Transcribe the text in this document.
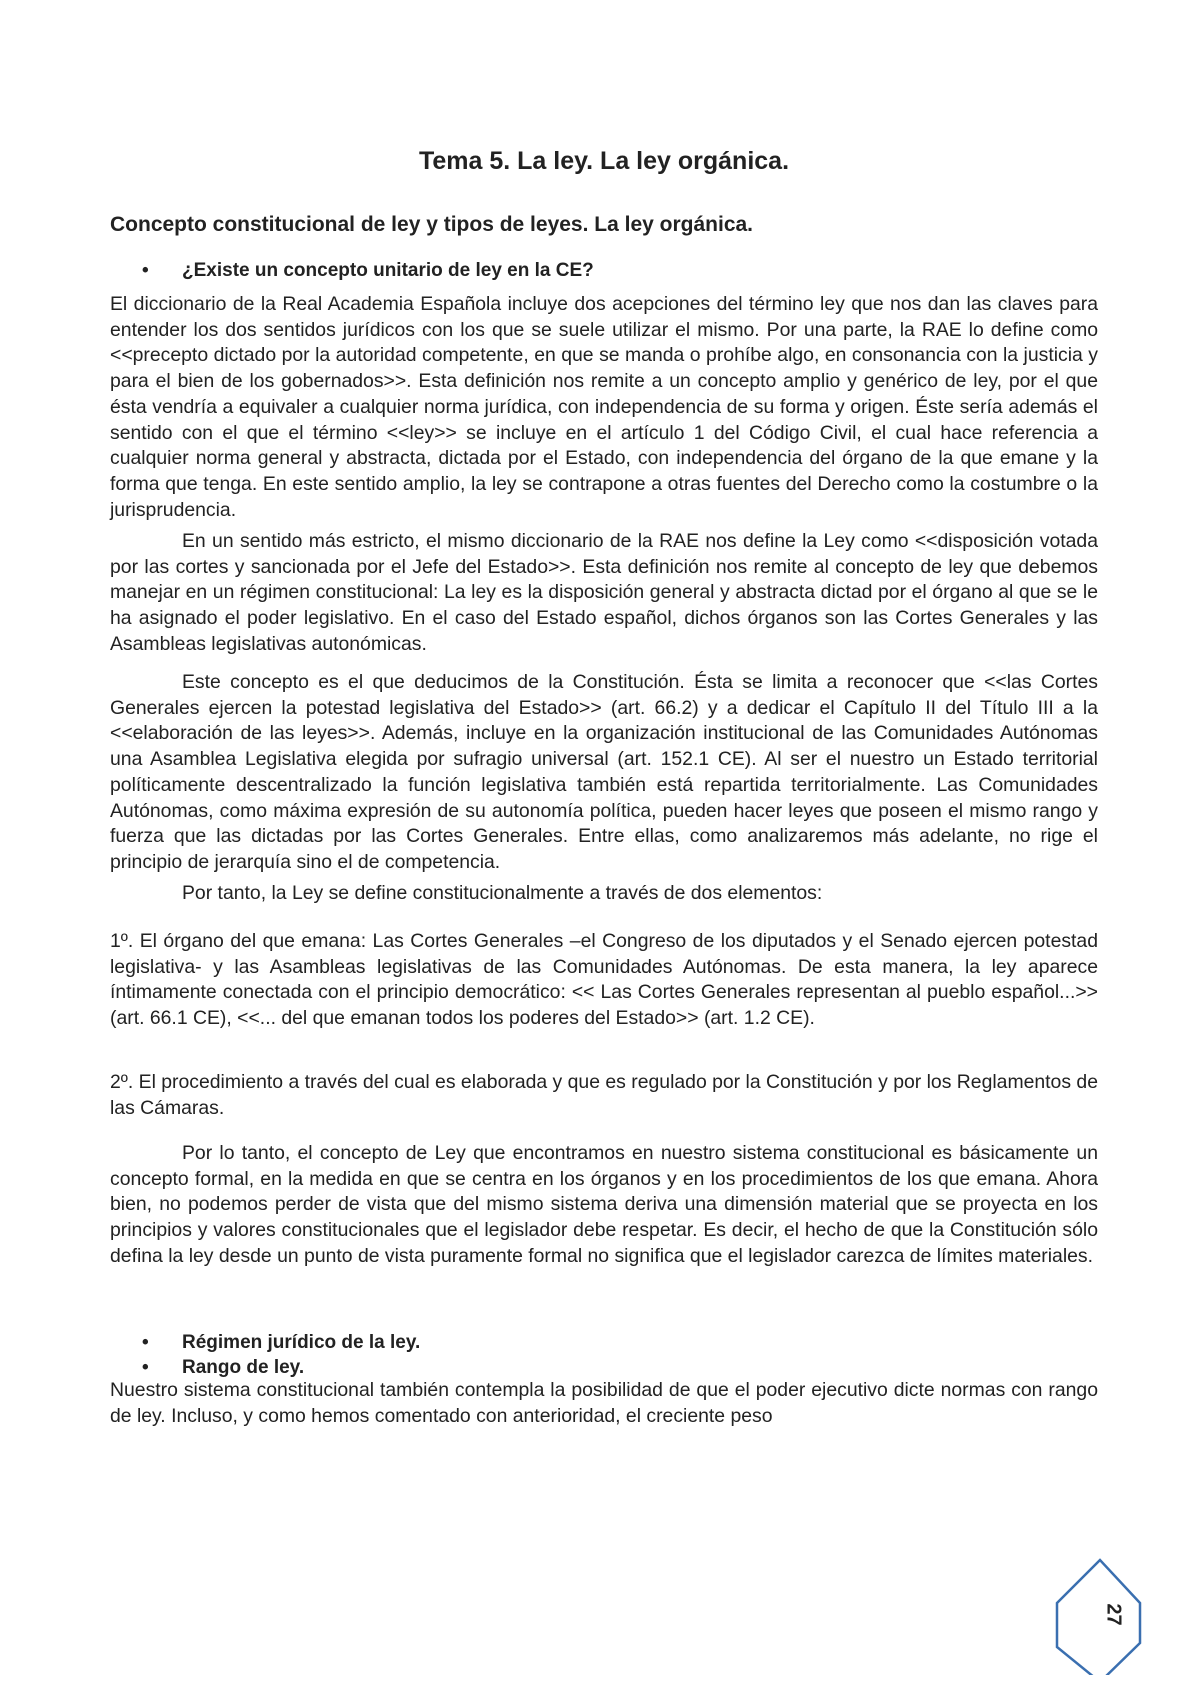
Tema 5. La ley. La ley orgánica.
Concepto constitucional de ley y tipos de leyes. La ley orgánica.
• ¿Existe un concepto unitario de ley en la CE?

El diccionario de la Real Academia Española incluye dos acepciones del término ley que nos dan las claves para entender los dos sentidos jurídicos con los que se suele utilizar el mismo. Por una parte, la RAE lo define como <<precepto dictado por la autoridad competente, en que se manda o prohíbe algo, en consonancia con la justicia y para el bien de los gobernados>>. Esta definición nos remite a un concepto amplio y genérico de ley, por el que ésta vendría a equivaler a cualquier norma jurídica, con independencia de su forma y origen. Éste sería además el sentido con el que el término <<ley>> se incluye en el artículo 1 del Código Civil, el cual hace referencia a cualquier norma general y abstracta, dictada por el Estado, con independencia del órgano de la que emane y la forma que tenga. En este sentido amplio, la ley se contrapone a otras fuentes del Derecho como la costumbre o la jurisprudencia.

En un sentido más estricto, el mismo diccionario de la RAE nos define la Ley como <<disposición votada por las cortes y sancionada por el Jefe del Estado>>. Esta definición nos remite al concepto de ley que debemos manejar en un régimen constitucional: La ley es la disposición general y abstracta dictad por el órgano al que se le ha asignado el poder legislativo. En el caso del Estado español, dichos órganos son las Cortes Generales y las Asambleas legislativas autonómicas.

Este concepto es el que deducimos de la Constitución. Ésta se limita a reconocer que <<las Cortes Generales ejercen la potestad legislativa del Estado>> (art. 66.2) y a dedicar el Capítulo II del Título III a la <<elaboración de las leyes>>. Además, incluye en la organización institucional de las Comunidades Autónomas una Asamblea Legislativa elegida por sufragio universal (art. 152.1 CE). Al ser el nuestro un Estado territorial políticamente descentralizado la función legislativa también está repartida territorialmente. Las Comunidades Autónomas, como máxima expresión de su autonomía política, pueden hacer leyes que poseen el mismo rango y fuerza que las dictadas por las Cortes Generales. Entre ellas, como analizaremos más adelante, no rige el principio de jerarquía sino el de competencia.

Por tanto, la Ley se define constitucionalmente a través de dos elementos:

1º. El órgano del que emana: Las Cortes Generales –el Congreso de los diputados y el Senado ejercen potestad legislativa- y las Asambleas legislativas de las Comunidades Autónomas. De esta manera, la ley aparece íntimamente conectada con el principio democrático: << Las Cortes Generales representan al pueblo español...>> (art. 66.1 CE), <<... del que emanan todos los poderes del Estado>> (art. 1.2 CE).

2º. El procedimiento a través del cual es elaborada y que es regulado por la Constitución y por los Reglamentos de las Cámaras.

Por lo tanto, el concepto de Ley que encontramos en nuestro sistema constitucional es básicamente un concepto formal, en la medida en que se centra en los órganos y en los procedimientos de los que emana. Ahora bien, no podemos perder de vista que del mismo sistema deriva una dimensión material que se proyecta en los principios y valores constitucionales que el legislador debe respetar. Es decir, el hecho de que la Constitución sólo defina la ley desde un punto de vista puramente formal no significa que el legislador carezca de límites materiales.

• Régimen jurídico de la ley.
• Rango de ley.

Nuestro sistema constitucional también contempla la posibilidad de que el poder ejecutivo dicte normas con rango de ley. Incluso, y como hemos comentado con anterioridad, el creciente peso

27
